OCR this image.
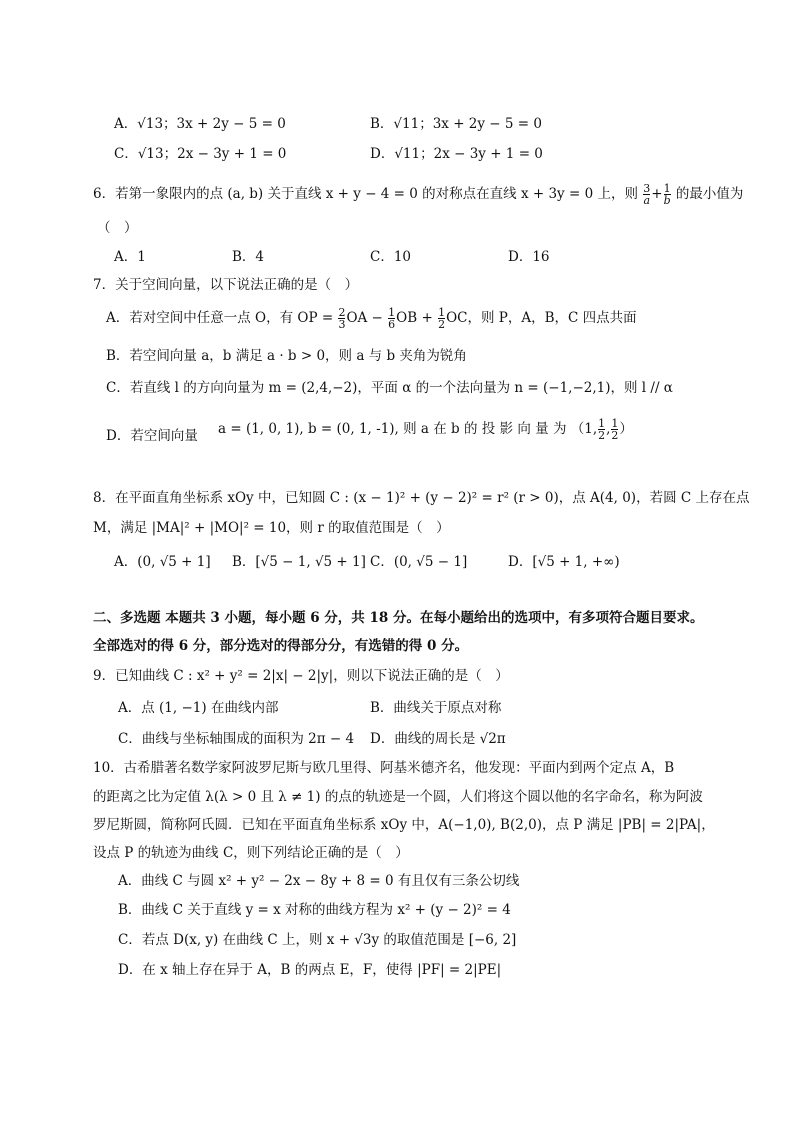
A．√13；3x + 2y − 5 = 0	B．√11；3x + 2y − 5 = 0
C．√13；2x − 3y + 1 = 0	D．√11；2x − 3y + 1 = 0
6．若第一象限内的点 (a, b) 关于直线 x + y − 4 = 0 的对称点在直线 x + 3y = 0 上，则 $\frac{3}{a} + \frac{1}{b}$ 的最小值为
（　）
A．1	B．4	C．10	D．16
7．关于空间向量，以下说法正确的是（　）
A．若对空间中任意一点 O，有 OP = $\frac{2}{3}$ OA − $\frac{1}{6}$ OB + $\frac{1}{2}$ OC，则 P，A，B，C 四点共面
B．若空间向量 a，b 满足 a · b > 0，则 a 与 b 夹角为锐角
C．若直线 l 的方向向量为 m = (2,4,−2)，平面 α 的一个法向量为 n = (−1,−2,1)，则 l // α
D．若空间向量 a = (1, 0, 1), b = (0, 1, -1), 则 a 在 b 的 投 影 向 量 为 （1, $\frac{1}{2}$ , $\frac{1}{2}$ ）
8．在平面直角坐标系 xOy 中，已知圆 C : (x − 1)² + (y − 2)² = r² (r > 0)，点 A(4, 0)，若圆 C 上存在点
M，满足 |MA|² + |MO|² = 10，则 r 的取值范围是（　）
A．(0, √5 + 1] B．[√5 − 1, √5 + 1] C．(0, √5 − 1]	D．[√5 + 1, +∞)
二、多选题 本题共 3 小题，每小题 6 分，共 18 分。在每小题给出的选项中，有多项符合题目要求。
全部选对的得 6 分，部分选对的得部分分，有选错的得 0 分。
9．已知曲线 C : x² + y² = 2|x| − 2|y|，则以下说法正确的是（　）
A．点 (1, −1) 在曲线内部	B．曲线关于原点对称
C．曲线与坐标轴围成的面积为 2π − 4 D．曲线的周长是 √2π
10．古希腊著名数学家阿波罗尼斯与欧几里得、阿基米德齐名，他发现：平面内到两个定点 A，B
的距离之比为定值 λ(λ > 0 且 λ ≠ 1) 的点的轨迹是一个圆，人们将这个圆以他的名字命名，称为阿波
罗尼斯圆，简称阿氏圆．已知在平面直角坐标系 xOy 中，A(−1,0), B(2,0)，点 P 满足 |PB| = 2|PA|，
设点 P 的轨迹为曲线 C，则下列结论正确的是（　）
A．曲线 C 与圆 x² + y² − 2x − 8y + 8 = 0 有且仅有三条公切线
B．曲线 C 关于直线 y = x 对称的曲线方程为 x² + (y − 2)² = 4
C．若点 D(x, y) 在曲线 C 上，则 x + √3y 的取值范围是 [−6, 2]
D．在 x 轴上存在异于 A，B 的两点 E，F，使得 |PF| = 2|PE|
